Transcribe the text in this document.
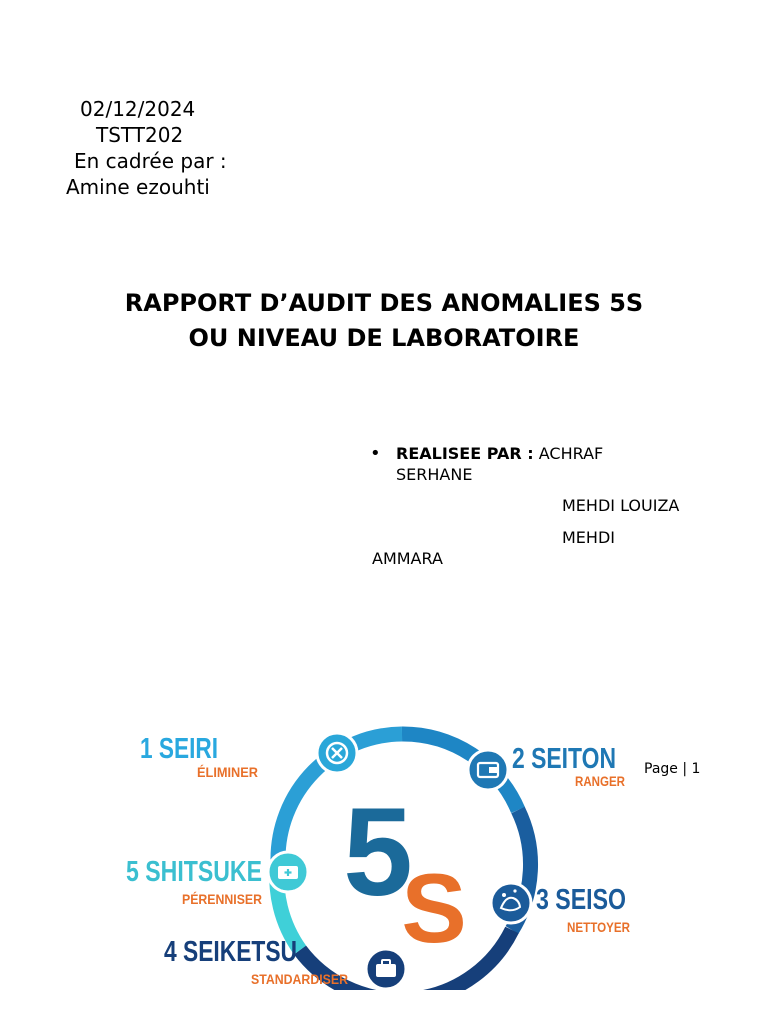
02/12/2024
TSTT202
En cadrée par :
Amine ezouhti
RAPPORT D’AUDIT DES ANOMALIES 5S
OU NIVEAU DE LABORATOIRE
• REALISEE PAR : ACHRAF
SERHANE
MEHDI LOUIZA
MEHDI
AMMARA
Page | 1
5
S
1 SEIRI
ÉLIMINER	2 SEITON
RANGER
3 SEISO
NETTOYER
4 SEIKETSU
STANDARDISER
5 SHITSUKE
PÉRENNISER
